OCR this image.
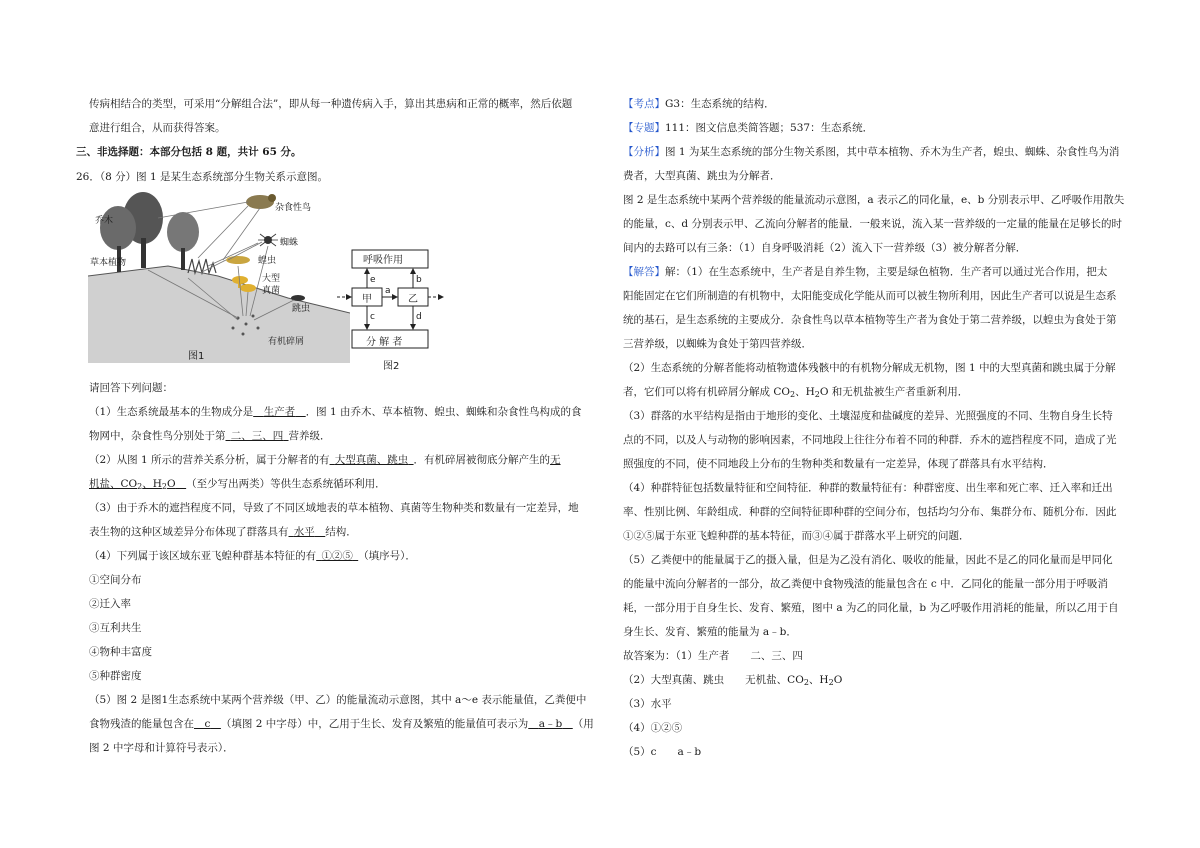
传病相结合的类型，可采用“分解组合法”，即从每一种遗传病入手，算出其患病和正常的概率，然后依题
意进行组合，从而获得答案。
三、非选择题：本部分包括 8 题，共计 65 分。
26．（8 分）图 1 是某生态系统部分生物关系示意图。
乔木
草本植物
杂食性鸟
蜘蛛
蝗虫
大型
真菌
跳虫
有机碎屑
图1
呼吸作用
甲	乙
分 解 者
a
b
e
c	d
图2
请回答下列问题：
（1）生态系统最基本的生物成分是  生产者  ．图 1 由乔木、草本植物、蝗虫、蜘蛛和杂食性鸟构成的食
物网中，杂食性鸟分别处于第  二、三、四  营养级．
（2）从图 1 所示的营养关系分析，属于分解者的有  大型真菌、跳虫  ．有机碎屑被彻底分解产生的无
机盐、$CO_2$、$H_2O$  （至少写出两类）等供生态系统循环利用．
（3）由于乔木的遮挡程度不同，导致了不同区域地表的草本植物、真菌等生物种类和数量有一定差异，地
表生物的这种区域差异分布体现了群落具有  水平  结构．
（4）下列属于该区域东亚飞蝗种群基本特征的有  ①②⑤  （填序号）．
①空间分布
②迁入率
③互利共生
④物种丰富度
⑤种群密度
（5）图 2 是图1生态系统中某两个营养级（甲、乙）的能量流动示意图，其中 a～e 表示能量值，乙粪便中
食物残渣的能量包含在  c  （填图 2 中字母）中，乙用于生长、发育及繁殖的能量值可表示为  a﹣b  （用
图 2 中字母和计算符号表示）．
【考点】G3：生态系统的结构．
【专题】111：图文信息类简答题；537：生态系统．
【分析】图 1 为某生态系统的部分生物关系图，其中草本植物、乔木为生产者，蝗虫、蜘蛛、杂食性鸟为消
费者，大型真菌、跳虫为分解者．
图 2 是生态系统中某两个营养级的能量流动示意图，a 表示乙的同化量，e、b 分别表示甲、乙呼吸作用散失
的能量，c、d 分别表示甲、乙流向分解者的能量．一般来说，流入某一营养级的一定量的能量在足够长的时
间内的去路可以有三条：（1）自身呼吸消耗（2）流入下一营养级（3）被分解者分解．
【解答】解：（1）在生态系统中，生产者是自养生物，主要是绿色植物．生产者可以通过光合作用，把太
阳能固定在它们所制造的有机物中，太阳能变成化学能从而可以被生物所利用，因此生产者可以说是生态系
统的基石，是生态系统的主要成分．杂食性鸟以草本植物等生产者为食处于第二营养级，以蝗虫为食处于第
三营养级，以蜘蛛为食处于第四营养级．
（2）生态系统的分解者能将动植物遗体残骸中的有机物分解成无机物，图 1 中的大型真菌和跳虫属于分解
者，它们可以将有机碎屑分解成 $CO_2$、$H_2O$ 和无机盐被生产者重新利用．
（3）群落的水平结构是指由于地形的变化、土壤湿度和盐碱度的差异、光照强度的不同、生物自身生长特
点的不同，以及人与动物的影响因素，不同地段上往往分布着不同的种群．乔木的遮挡程度不同，造成了光
照强度的不同，使不同地段上分布的生物种类和数量有一定差异，体现了群落具有水平结构．
（4）种群特征包括数量特征和空间特征．种群的数量特征有：种群密度、出生率和死亡率、迁入率和迁出
率、性别比例、年龄组成．种群的空间特征即种群的空间分布，包括均匀分布、集群分布、随机分布．因此
①②⑤属于东亚飞蝗种群的基本特征，而③④属于群落水平上研究的问题．
（5）乙粪便中的能量属于乙的摄入量，但是为乙没有消化、吸收的能量，因此不是乙的同化量而是甲同化
的能量中流向分解者的一部分，故乙粪便中食物残渣的能量包含在 c 中．乙同化的能量一部分用于呼吸消
耗，一部分用于自身生长、发育、繁殖，图中 a 为乙的同化量，b 为乙呼吸作用消耗的能量，所以乙用于自
身生长、发育、繁殖的能量为 a﹣b．
故答案为：（1）生产者　　二、三、四
（2）大型真菌、跳虫　　无机盐、$CO_2$、$H_2O$
（3）水平
（4）①②⑤
（5）c　　a﹣b
